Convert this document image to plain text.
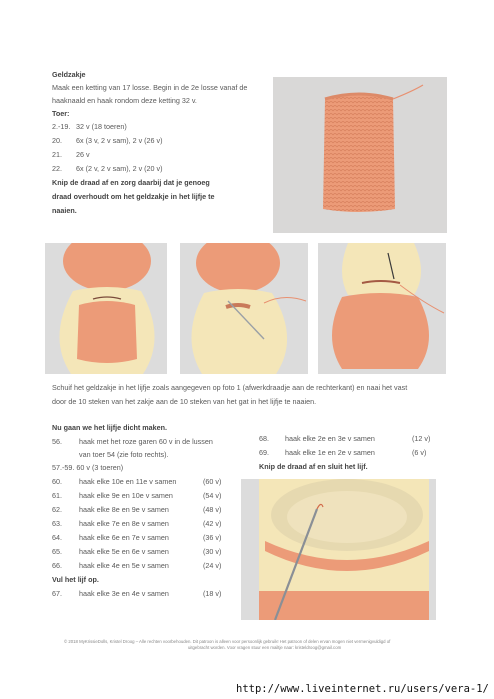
Geldzakje
Maak een ketting van 17 losse. Begin in de 2e losse vanaf de
haaknaald en haak rondom deze ketting 32 v.
Toer:
2.-19. 32 v (18 toeren)
20. 6x (3 v, 2 v sam), 2 v (26 v)
21. 26 v
22. 6x (2 v, 2 v sam), 2 v (20 v)
Knip de draad af en zorg daarbij dat je genoeg
draad overhoudt om het geldzakje in het lijfje te
naaien.
Schuif het geldzakje in het lijfje zoals aangegeven op foto 1 (afwerkdraadje aan de rechterkant) en naai het vast
door de 10 steken van het zakje aan de 10 steken van het gat in het lijfje te naaien.
Nu gaan we het lijfje dicht maken.
56. haak met het roze garen 60 v in de lussen
van toer 54 (zie foto rechts).
57.-59. 60 v (3 toeren)
60. haak elke 10e en 11e v samen	(60 v)
61. haak elke 9e en 10e v samen	(54 v)
62. haak elke 8e en 9e v samen	(48 v)
63. haak elke 7e en 8e v samen	(42 v)
64. haak elke 6e en 7e v samen	(36 v)
65. haak elke 5e en 6e v samen	(30 v)
66. haak elke 4e en 5e v samen	(24 v)
Vul het lijf op.
67. haak elke 3e en 4e v samen	(18 v)
68. haak elke 2e en 3e v samen	(12 v)
69. haak elke 1e en 2e v samen	(6 v)
Knip de draad af en sluit het lijf.
© 2018 MyKrissieDolls, Kristel Droog – Alle rechten voorbehouden. Dit patroon is alleen voor persoonlijk gebruik! Het patroon of delen ervan mogen niet vermenigvuldigd of
uitgebracht worden. Voor vragen stuur een mailtje naar: kristeldroog@gmail.com
http://www.liveinternet.ru/users/vera-1/
